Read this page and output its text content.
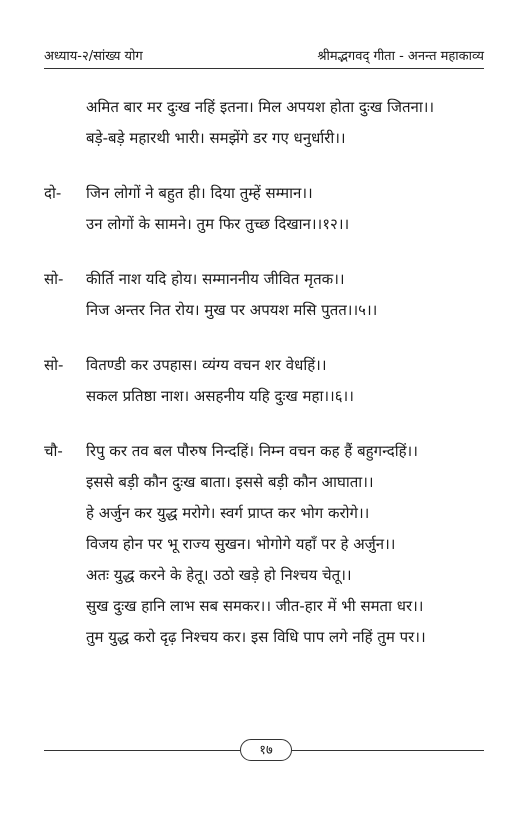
अध्याय-२/सांख्य योग	श्रीमद्भगवद् गीता - अनन्त महाकाव्य
अमित बार मर दुःख नहिं इतना। मिल अपयश होता दुःख जितना।।
बड़े-बड़े महारथी भारी। समझेंगे डर गए धनुर्धारी।।
दो- जिन लोगों ने बहुत ही। दिया तुम्हें सम्मान।।
उन लोगों के सामने। तुम फिर तुच्छ दिखान।।१२।।
सो- कीर्ति नाश यदि होय। सम्माननीय जीवित मृतक।।
निज अन्तर नित रोय। मुख पर अपयश मसि पुतत।।५।।
सो- वितण्डी कर उपहास। व्यंग्य वचन शर वेधहिं।।
सकल प्रतिष्ठा नाश। असहनीय यहि दुःख महा।।६।।
चौ- रिपु कर तव बल पौरुष निन्दहिं। निम्न वचन कह हैं बहुगन्दहिं।।
इससे बड़ी कौन दुःख बाता। इससे बड़ी कौन आघाता।।
हे अर्जुन कर युद्ध मरोगे। स्वर्ग प्राप्त कर भोग करोगे।।
विजय होन पर भू राज्य सुखन। भोगोगे यहाँ पर हे अर्जुन।।
अतः युद्ध करने के हेतू। उठो खड़े हो निश्चय चेतू।।
सुख दुःख हानि लाभ सब समकर।। जीत-हार में भी समता धर।।
तुम युद्ध करो दृढ़ निश्चय कर। इस विधि पाप लगे नहिं तुम पर।।
१७
